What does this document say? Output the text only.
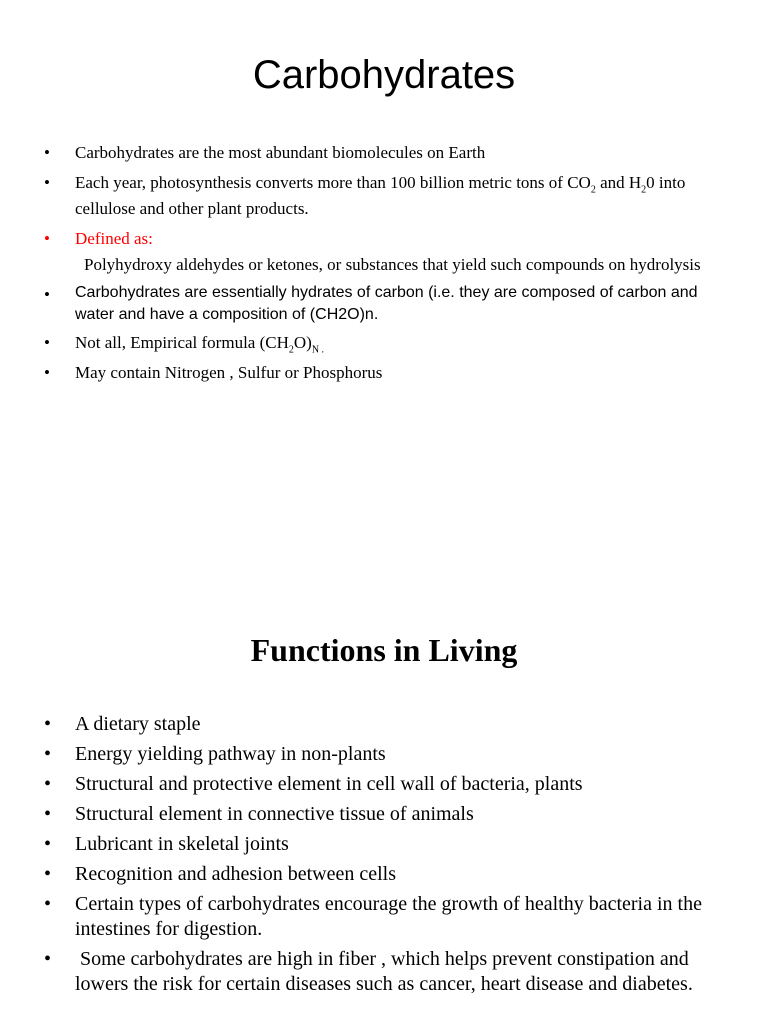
Carbohydrates
• Carbohydrates are the most abundant biomolecules on Earth
• Each year, photosynthesis converts more than 100 billion metric tons of $CO_2$ and $H_20$ into cellulose and other plant products.
• Defined as:

Polyhydroxy aldehydes or ketones, or substances that yield such compounds on hydrolysis

• Carbohydrates are essentially hydrates of carbon (i.e. they are composed of carbon and water and have a composition of (CH2O)n.
• Not all, Empirical formula $(CH_2O)_{N .}$
• May contain Nitrogen , Sulfur or Phosphorus
Functions in Living
• A dietary staple
• Energy yielding pathway in non-plants
• Structural and protective element in cell wall of bacteria, plants
• Structural element in connective tissue of animals
• Lubricant in skeletal joints
• Recognition and adhesion between cells
• Certain types of carbohydrates encourage the growth of healthy bacteria in the intestines for digestion.
• Some carbohydrates are high in fiber , which helps prevent constipation and lowers the risk for certain diseases such as cancer, heart disease and diabetes.
